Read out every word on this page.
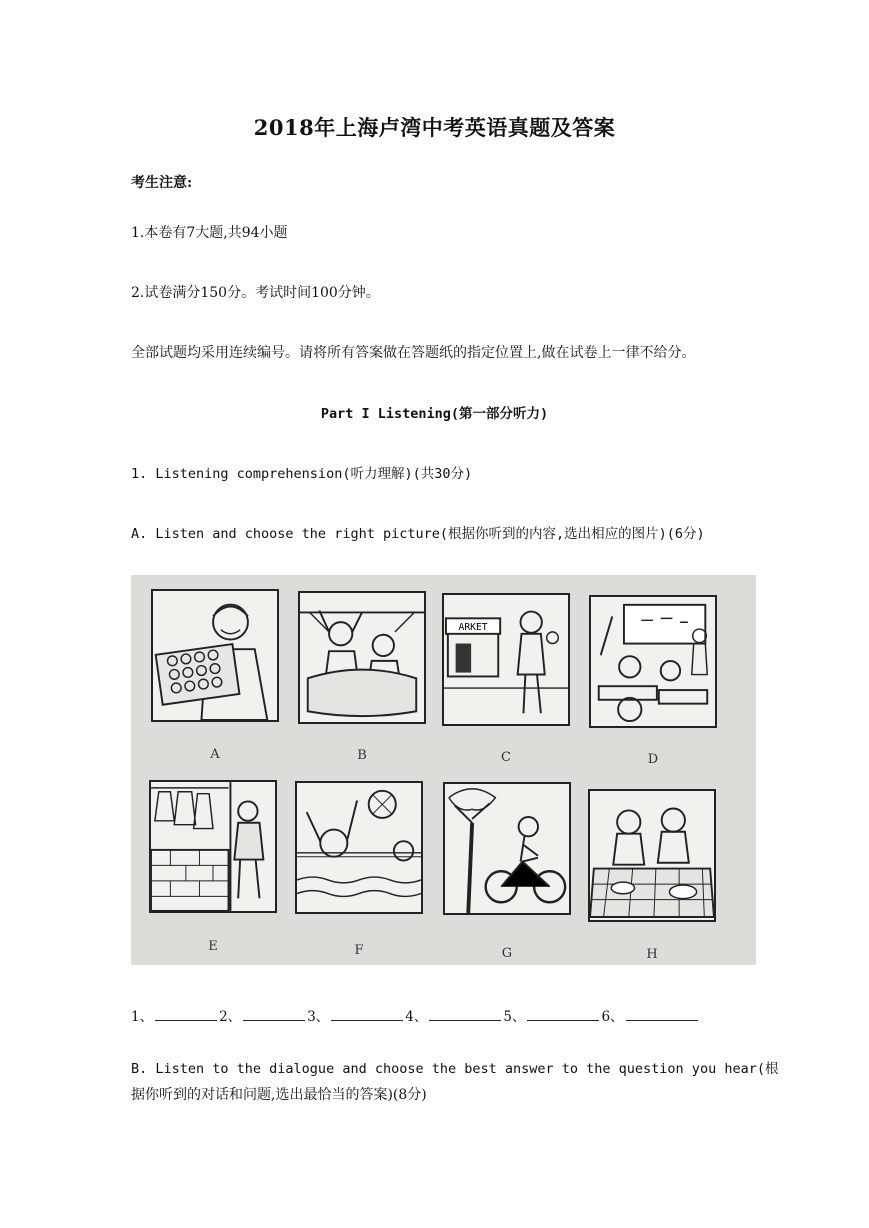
2018年上海卢湾中考英语真题及答案
考生注意:
1.本卷有7大题,共94小题
2.试卷满分150分。考试时间100分钟。
全部试题均采用连续编号。请将所有答案做在答题纸的指定位置上,做在试卷上一律不给分。
Part I Listening(第一部分听力)
1. Listening comprehension(听力理解)(共30分)
A. Listen and choose the right picture(根据你听到的内容,选出相应的图片)(6分)
ARKET
A	B	C	D
E	F	G	H
1、	2、	3、	4、	5、	6、
B. Listen to the dialogue and choose the best answer to the question you hear(根
据你听到的对话和问题,选出最恰当的答案)(8分)
